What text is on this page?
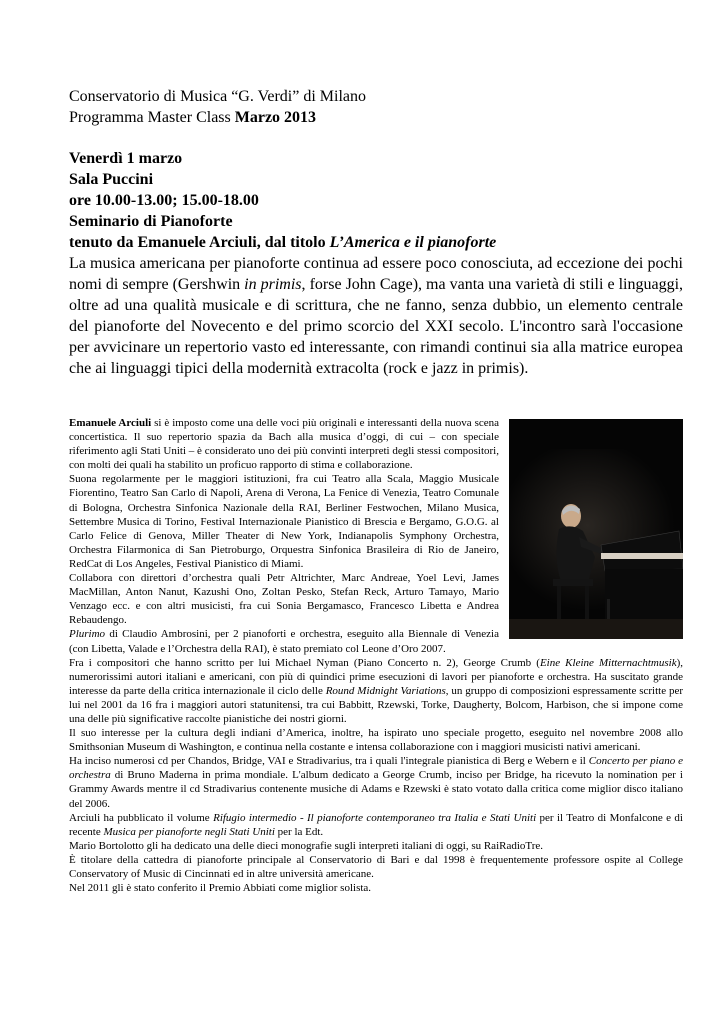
Conservatorio di Musica “G. Verdi” di Milano
Programma Master Class Marzo 2013
Venerdì 1 marzo
Sala Puccini
ore 10.00-13.00; 15.00-18.00
Seminario di Pianoforte
tenuto da Emanuele Arciuli, dal titolo L’America e il pianoforte
La musica americana per pianoforte continua ad essere poco conosciuta, ad eccezione dei pochi nomi di sempre (Gershwin in primis, forse John Cage), ma vanta una varietà di stili e linguaggi, oltre ad una qualità musicale e di scrittura, che ne fanno, senza dubbio, un elemento centrale del pianoforte del Novecento e del primo scorcio del XXI secolo. L'incontro sarà l'occasione per avvicinare un repertorio vasto ed interessante, con rimandi continui sia alla matrice europea che ai linguaggi tipici della modernità extracolta (rock e jazz in primis).

Emanuele Arciuli si è imposto come una delle voci più originali e interessanti della nuova scena concertistica. Il suo repertorio spazia da Bach alla musica d’oggi, di cui – con speciale riferimento agli Stati Uniti – è considerato uno dei più convinti interpreti degli stessi compositori, con molti dei quali ha stabilito un proficuo rapporto di stima e collaborazione.

Suona regolarmente per le maggiori istituzioni, fra cui Teatro alla Scala, Maggio Musicale Fiorentino, Teatro San Carlo di Napoli, Arena di Verona, La Fenice di Venezia, Teatro Comunale di Bologna, Orchestra Sinfonica Nazionale della RAI, Berliner Festwochen, Milano Musica, Settembre Musica di Torino, Festival Internazionale Pianistico di Brescia e Bergamo, G.O.G. al Carlo Felice di Genova, Miller Theater di New York, Indianapolis Symphony Orchestra, Orchestra Filarmonica di San Pietroburgo, Orquestra Sinfonica Brasileira di Rio de Janeiro, RedCat di Los Angeles, Festival Pianistico di Miami.

Collabora con direttori d’orchestra quali Petr Altrichter, Marc Andreae, Yoel Levi, James MacMillan, Anton Nanut, Kazushi Ono, Zoltan Pesko, Stefan Reck, Arturo Tamayo, Mario Venzago ecc. e con altri musicisti, fra cui Sonia Bergamasco, Francesco Libetta e Andrea Rebaudengo.

Plurimo di Claudio Ambrosini, per 2 pianoforti e orchestra, eseguito alla Biennale di Venezia (con Libetta, Valade e l’Orchestra della RAI), è stato premiato col Leone d’Oro 2007.

Fra i compositori che hanno scritto per lui Michael Nyman (Piano Concerto n. 2), George Crumb (Eine Kleine Mitternachtmusik), numerorissimi autori italiani e americani, con più di quindici prime esecuzioni di lavori per pianoforte e orchestra. Ha suscitato grande interesse da parte della critica internazionale il ciclo delle Round Midnight Variations, un gruppo di composizioni espressamente scritte per lui nel 2001 da 16 fra i maggiori autori statunitensi, tra cui Babbitt, Rzewski, Torke, Daugherty, Bolcom, Harbison, che si impone come una delle più significative raccolte pianistiche dei nostri giorni.

Il suo interesse per la cultura degli indiani d’America, inoltre, ha ispirato uno speciale progetto, eseguito nel novembre 2008 allo Smithsonian Museum di Washington, e continua nella costante e intensa collaborazione con i maggiori musicisti nativi americani.

Ha inciso numerosi cd per Chandos, Bridge, VAI e Stradivarius, tra i quali l'integrale pianistica di Berg e Webern e il Concerto per piano e orchestra di Bruno Maderna in prima mondiale. L'album dedicato a George Crumb, inciso per Bridge, ha ricevuto la nomination per i Grammy Awards mentre il cd Stradivarius contenente musiche di Adams e Rzewski è stato votato dalla critica come miglior disco italiano del 2006.

Arciuli ha pubblicato il volume Rifugio intermedio - Il pianoforte contemporaneo tra Italia e Stati Uniti per il Teatro di Monfalcone e di recente Musica per pianoforte negli Stati Uniti per la Edt.

Mario Bortolotto gli ha dedicato una delle dieci monografie sugli interpreti italiani di oggi, su RaiRadioTre.

È titolare della cattedra di pianoforte principale al Conservatorio di Bari e dal 1998 è frequentemente professore ospite al College Conservatory of Music di Cincinnati ed in altre università americane.

Nel 2011 gli è stato conferito il Premio Abbiati come miglior solista.
